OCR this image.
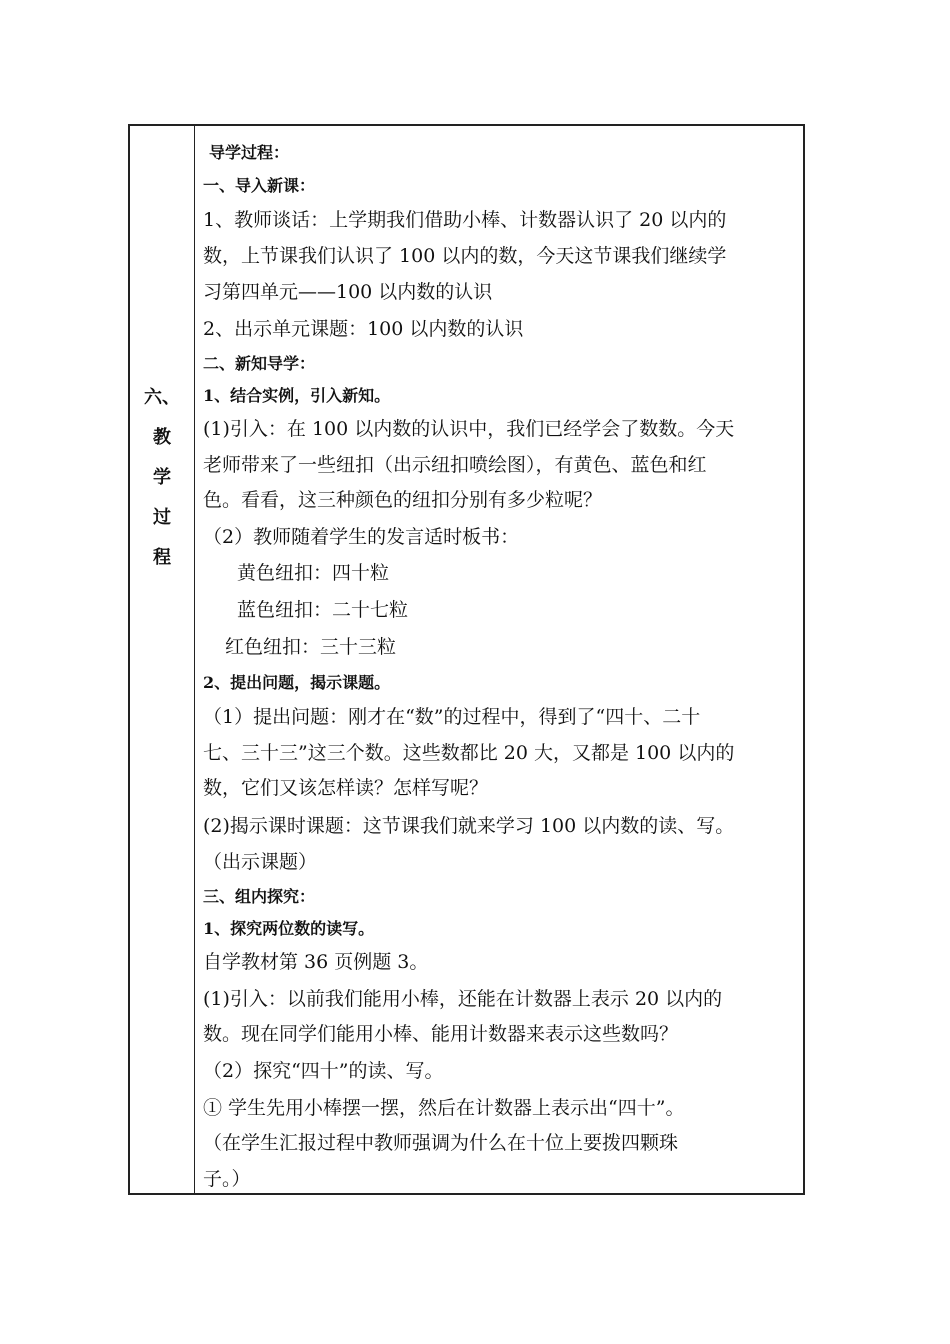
六、
教
学
过
程
导学过程：
一、导入新课：
1、教师谈话：上学期我们借助小棒、计数器认识了 20 以内的
数，上节课我们认识了 100 以内的数，今天这节课我们继续学
习第四单元——100 以内数的认识
2、出示单元课题：100 以内数的认识
二、新知导学：
1、结合实例，引入新知。
(1)引入：在 100 以内数的认识中，我们已经学会了数数。今天
老师带来了一些纽扣（出示纽扣喷绘图），有黄色、蓝色和红
色。看看，这三种颜色的纽扣分别有多少粒呢？
（2）教师随着学生的发言适时板书：
黄色纽扣：四十粒
蓝色纽扣：二十七粒
红色纽扣：三十三粒
2、提出问题，揭示课题。
（1）提出问题：刚才在“数”的过程中，得到了“四十、二十
七、三十三”这三个数。这些数都比 20 大，又都是 100 以内的
数，它们又该怎样读？怎样写呢？
(2)揭示课时课题：这节课我们就来学习 100 以内数的读、写。
（出示课题）
三、组内探究：
1、探究两位数的读写。
自学教材第 36 页例题 3。
(1)引入：以前我们能用小棒，还能在计数器上表示 20 以内的
数。现在同学们能用小棒、能用计数器来表示这些数吗？
（2）探究“四十”的读、写。
① 学生先用小棒摆一摆，然后在计数器上表示出“四十”。
（在学生汇报过程中教师强调为什么在十位上要拨四颗珠
子。）
